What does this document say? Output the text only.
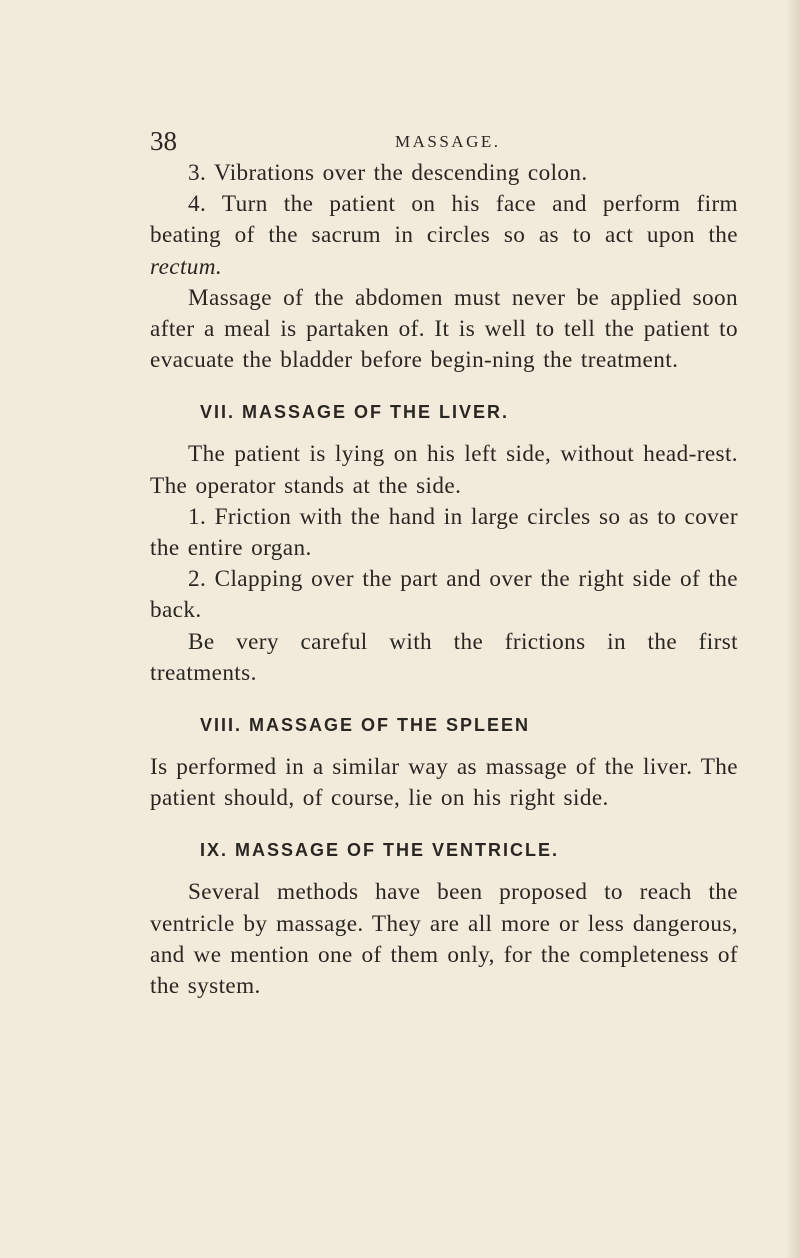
38	MASSAGE.

3. Vibrations over the descending colon.

4. Turn the patient on his face and perform firm beating of the sacrum in circles so as to act upon the rectum.

Massage of the abdomen must never be applied soon after a meal is partaken of. It is well to tell the patient to evacuate the bladder before begin-ning the treatment.

VII. MASSAGE OF THE LIVER.

The patient is lying on his left side, without head-rest. The operator stands at the side.

1. Friction with the hand in large circles so as to cover the entire organ.

2. Clapping over the part and over the right side of the back.

Be very careful with the frictions in the first treatments.

VIII. MASSAGE OF THE SPLEEN

Is performed in a similar way as massage of the liver. The patient should, of course, lie on his right side.

IX. MASSAGE OF THE VENTRICLE.

Several methods have been proposed to reach the ventricle by massage. They are all more or less dangerous, and we mention one of them only, for the completeness of the system.
